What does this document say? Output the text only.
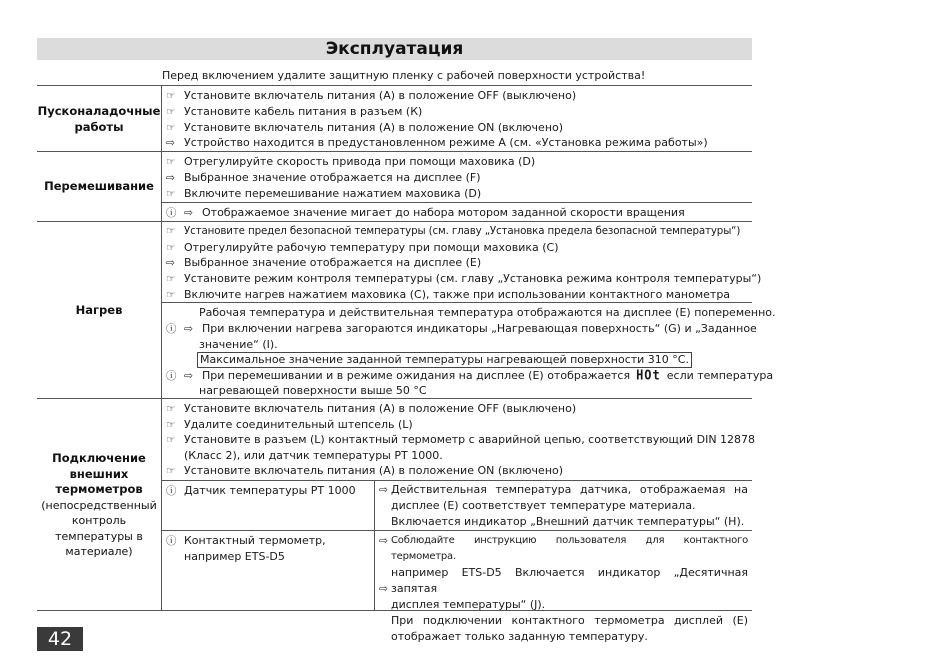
Эксплуатация
Перед включением удалите защитную пленку с рабочей поверхности устройства!
Пусконаладочные работы
☞ Установите включатель питания (А) в положение OFF (выключено)
☞ Установите кабель питания в разъем (К)
☞ Установите включатель питания (А) в положение ON (включено)
⇨ Устройство находится в предустановленном режиме А (см. «Установка режима работы»)
Перемешивание
☞ Отрегулируйте скорость привода при помощи маховика (D)
⇨ Выбранное значение отображается на дисплее (F)
☞ Включите перемешивание нажатием маховика (D)
ⓘ ⇨ Отображаемое значение мигает до набора мотором заданной скорости вращения
Нагрев
☞ Установите предел безопасной температуры (см. главу „Установка предела безопасной температуры“)
☞ Отрегулируйте рабочую температуру при помощи маховика (С)
⇨ Выбранное значение отображается на дисплее (Е)
☞ Установите режим контроля температуры (см. главу „Установка режима контроля температуры“)
☞ Включите нагрев нажатием маховика (С), также при использовании контактного манометра
Рабочая температура и действительная температура отображаются на дисплее (E) попеременно.
ⓘ ⇨ При включении нагрева загораются индикаторы „Нагревающая поверхность“ (G) и „Заданное
значение“ (I).
Максимальное значение заданной температуры нагревающей поверхности 310 °C.
ⓘ ⇨ При перемешивании и в режиме ожидания на дисплее (E) отображается HOt если температура
нагревающей поверхности выше 50 °C
Подключение внешних термометров
(непосредственный контроль температуры в материале)
☞ Установите включатель питания (А) в положение OFF (выключено)
☞ Удалите соединительный штепсель (L)
☞ Установите в разъем (L) контактный термометр с аварийной цепью, соответствующий DIN 12878
(Класс 2), или датчик температуры РТ 1000.
☞ Установите включатель питания (А) в положение ON (включено)
ⓘ Датчик температуры РТ 1000 ⇨ Действительная температура датчика, отображаемая на

дисплее (Е) соответствует температуре материала.

Включается индикатор „Внешний датчик температуры“ (Н).

ⓘ Контактный термометр,
например ETS-D5
⇨ Соблюдайте инструкцию пользователя для контактного термометра.

например ETS-D5 Включается индикатор „Десятичная запятая

дисплея температуры“ (J).

⇨

При подключении контактного термометра дисплей (E)

отображает только заданную температуру.

42
